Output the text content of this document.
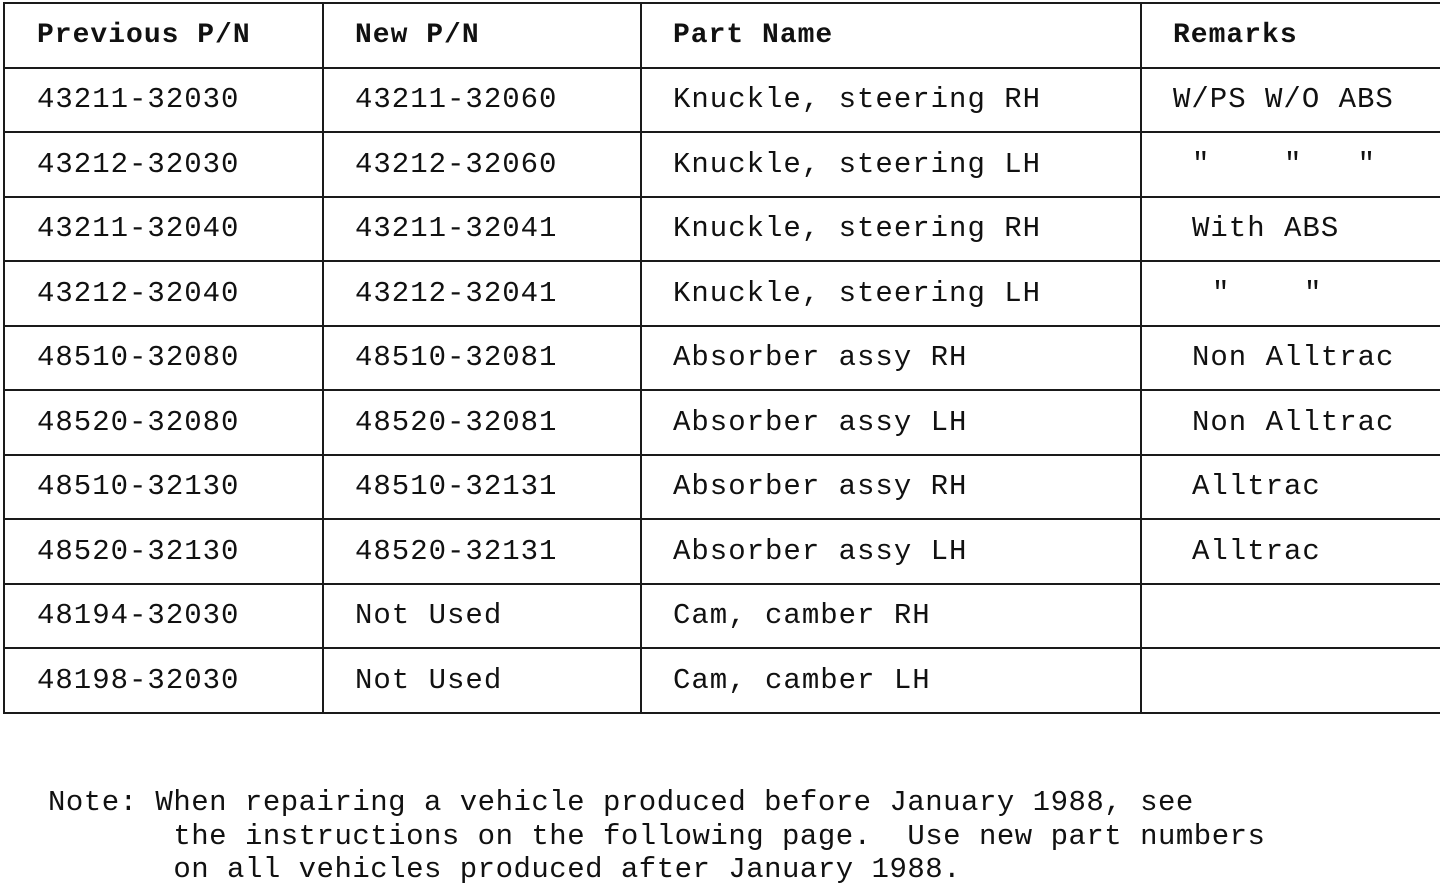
Previous P/N	New P/N	Part Name	Remarks
43211-32030	43211-32060	Knuckle, steering RH	W/PS W/O ABS
43212-32030	43212-32060	Knuckle, steering LH	"    "   "
43211-32040	43211-32041	Knuckle, steering RH	With ABS
43212-32040	43212-32041	Knuckle, steering LH	"    "
48510-32080	48510-32081	Absorber assy RH	Non Alltrac
48520-32080	48520-32081	Absorber assy LH	Non Alltrac
48510-32130	48510-32131	Absorber assy RH	Alltrac
48520-32130	48520-32131	Absorber assy LH	Alltrac
48194-32030	Not Used	Cam, camber RH	
48198-32030	Not Used	Cam, camber LH	
Note: When repairing a vehicle produced before January 1988, see
the instructions on the following page.  Use new part numbers
on all vehicles produced after January 1988.
